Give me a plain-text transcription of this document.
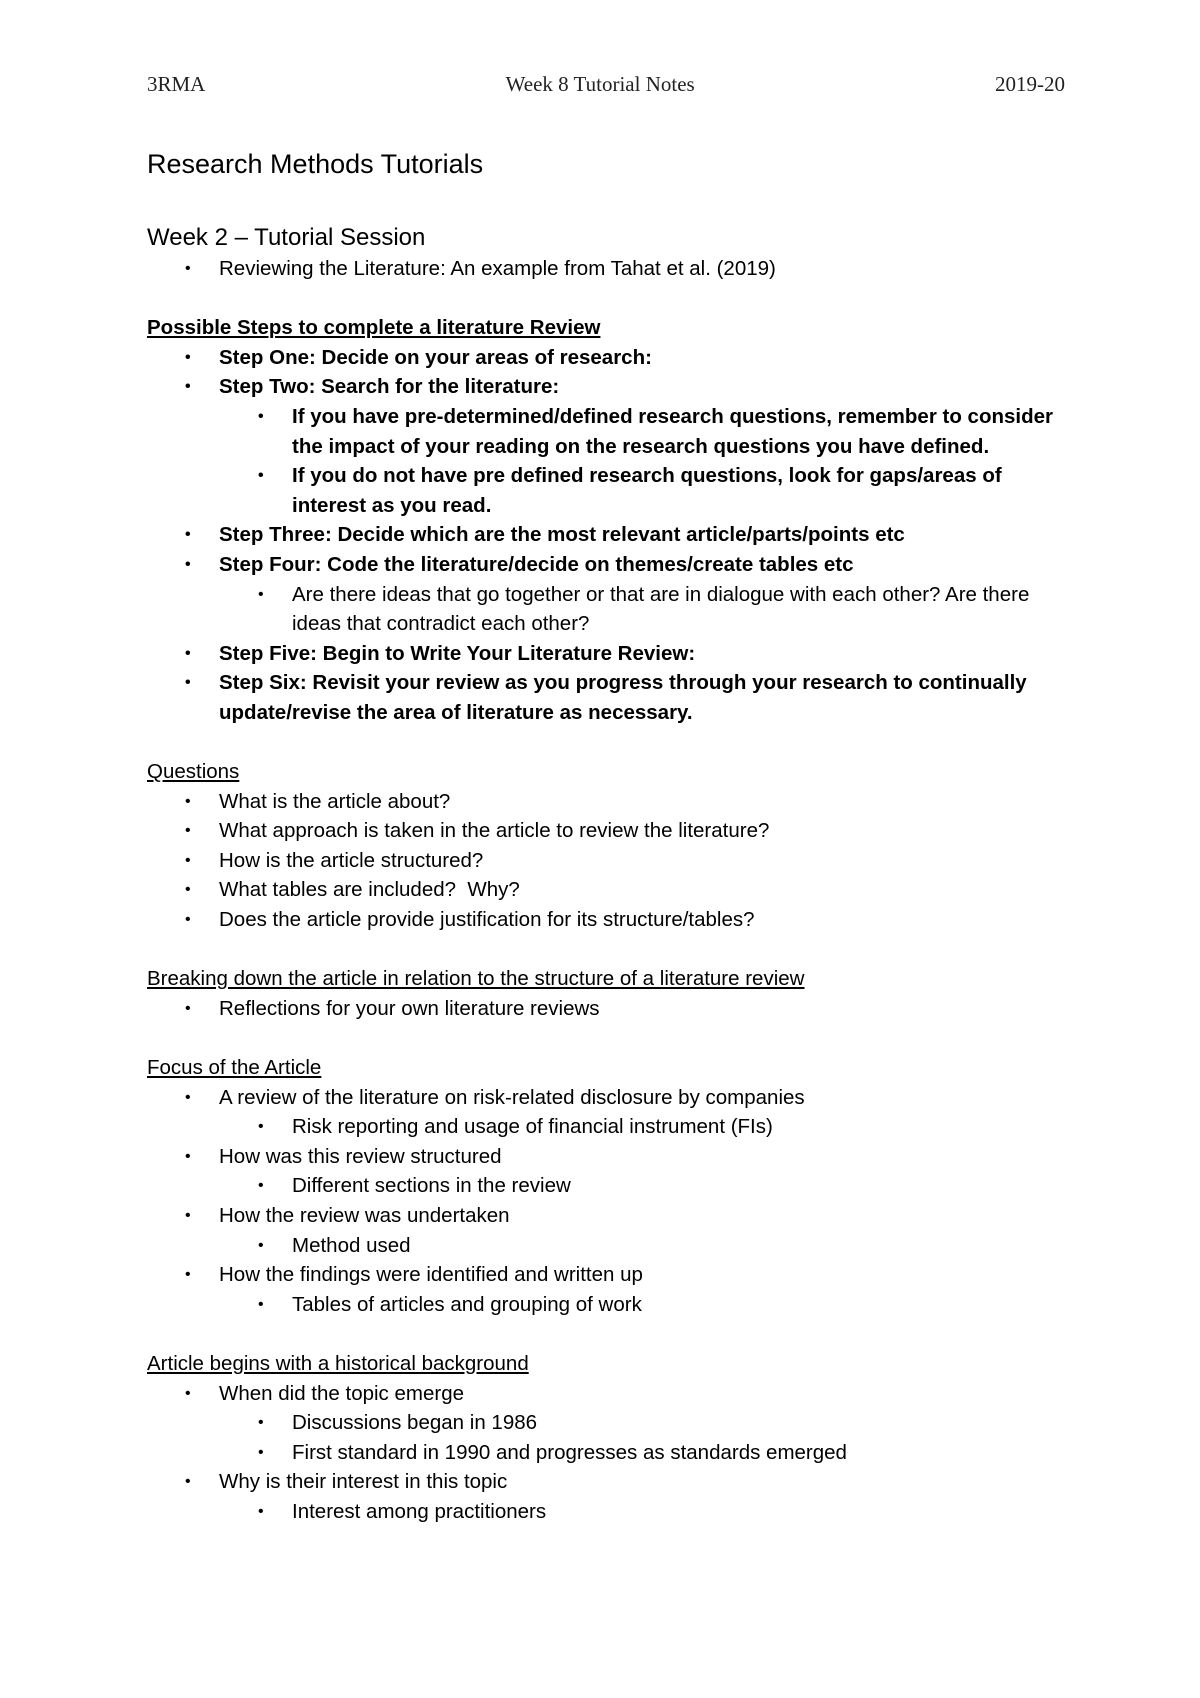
3RMA	Week 8 Tutorial Notes	2019-20

Research Methods Tutorials

Week 2 – Tutorial Session

• Reviewing the Literature: An example from Tahat et al. (2019)

Possible Steps to complete a literature Review

• Step One: Decide on your areas of research:
• Step Two: Search for the literature:
• If you have pre-determined/defined research questions, remember to consider the impact of your reading on the research questions you have defined.
• If you do not have pre defined research questions, look for gaps/areas of interest as you read.
• Step Three: Decide which are the most relevant article/parts/points etc
• Step Four: Code the literature/decide on themes/create tables etc
• Are there ideas that go together or that are in dialogue with each other? Are there ideas that contradict each other?
• Step Five: Begin to Write Your Literature Review:
• Step Six: Revisit your review as you progress through your research to continually update/revise the area of literature as necessary.

Questions

• What is the article about?
• What approach is taken in the article to review the literature?
• How is the article structured?
• What tables are included?  Why?
• Does the article provide justification for its structure/tables?

Breaking down the article in relation to the structure of a literature review

• Reflections for your own literature reviews

Focus of the Article

• A review of the literature on risk-related disclosure by companies
• Risk reporting and usage of financial instrument (FIs)
• How was this review structured
• Different sections in the review
• How the review was undertaken
• Method used
• How the findings were identified and written up
• Tables of articles and grouping of work

Article begins with a historical background

• When did the topic emerge
• Discussions began in 1986
• First standard in 1990 and progresses as standards emerged
• Why is their interest in this topic
• Interest among practitioners
